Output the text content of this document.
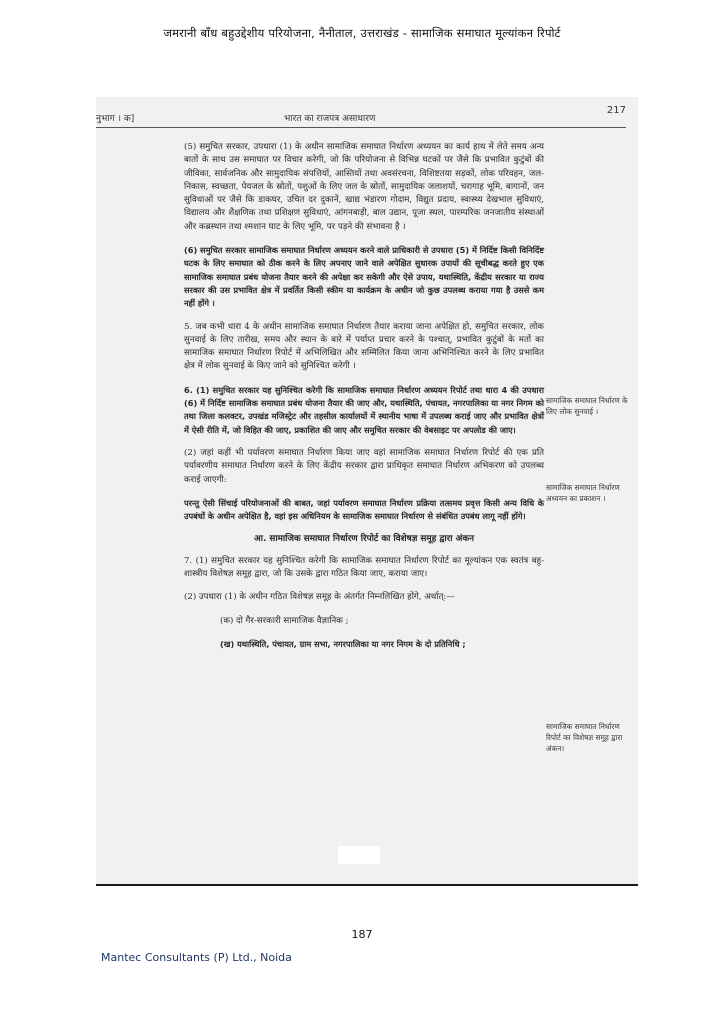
जमरानी बाँध बहुउद्देशीय परियोजना, नैनीताल, उत्तराखंड - सामाजिक समाघात मूल्यांकन रिपोर्ट
नुभाग । क]	भारत का राजपत्र असाधारण
217

(5) समुचित सरकार, उपधारा (1) के अधीन सामाजिक समाघात निर्धारण अध्ययन का कार्य हाथ में लेते समय अन्य बातों के साथ उस समाघात पर विचार करेगी, जो कि परियोजना से विभिन्न घटकों पर जैसे कि प्रभावित कुटुंबों की जीविका, सार्वजनिक और सामुदायिक संपत्तियों, आस्तियों तथा अवसंरचना, विशिष्टतया सड़कों, लोक परिवहन, जल-निकास, स्वच्छता, पेयजल के स्रोतों, पशुओं के लिए जल के स्रोतों, सामुदायिक जलाशयों, चरागाह भूमि, बागानों, जन सुविधाओं पर जैसे कि डाकघर, उचित दर दुकानें, खाद्य भंडारण गोदाम, विद्युत प्रदाय, स्वास्थ्य देखभाल सुविधाएं, विद्यालय और शैक्षणिक तथा प्रशिक्षण सुविधाएं, आंगनबाड़ी, बाल उद्यान, पूजा स्थल, पारम्परिक जनजातीय संस्थाओं और कब्रस्थान तथा श्मशान घाट के लिए भूमि, पर पड़ने की संभावना है ।

(6) समुचित सरकार सामाजिक समाघात निर्धारण अध्ययन करने वाले प्राधिकारी से उपधारा (5) में निर्दिष्ट किसी विनिर्दिष्ट घटक के लिए समाघात को ठीक करने के लिए अपनाए जाने वाले अपेक्षित सुधारक उपायों की सूचीबद्ध करते हुए एक सामाजिक समाघात प्रबंध योजना तैयार करने की अपेक्षा कर सकेगी और ऐसे उपाय, यथास्थिति, केंद्रीय सरकार या राज्य सरकार की उस प्रभावित क्षेत्र में प्रवर्तित किसी स्कीम या कार्यक्रम के अधीन जो कुछ उपलब्ध कराया गया है उससे कम नहीं होंगे ।

5. जब कभी धारा 4 के अधीन सामाजिक समाघात निर्धारण तैयार कराया जाना अपेक्षित हो, समुचित सरकार, लोक सुनवाई के लिए तारीख, समय और स्थान के बारे में पर्याप्त प्रचार करने के पश्चात्, प्रभावित कुटुंबों के मतों का सामाजिक समाघात निर्धारण रिपोर्ट में अभिलिखित और सम्मिलित किया जाना अभिनिश्चित करने के लिए प्रभावित क्षेत्र में लोक सुनवाई के किए जाने को सुनिश्चित करेगी ।

6. (1) समुचित सरकार यह सुनिश्चित करेगी कि सामाजिक समाघात निर्धारण अध्ययन रिपोर्ट तथा धारा 4 की उपधारा (6) में निर्दिष्ट सामाजिक समाघात प्रबंध योजना तैयार की जाए और, यथास्थिति, पंचायत, नगरपालिका या नगर निगम को तथा जिला कलक्टर, उपखंड मजिस्ट्रेट और तहसील कार्यालयों में स्थानीय भाषा में उपलब्ध कराई जाए और प्रभावित क्षेत्रों में ऐसी रीति में, जो विहित की जाए, प्रकाशित की जाए और समुचित सरकार की वेबसाइट पर अपलोड की जाए।

(2) जहां कहीं भी पर्यावरण समाघात निर्धारण किया जाए वहां सामाजिक समाघात निर्धारण रिपोर्ट की एक प्रति पर्यावरणीय समाघात निर्धारण करने के लिए केंद्रीय सरकार द्वारा प्राधिकृत समाघात निर्धारण अभिकरण को उपलब्ध कराई जाएगी:

परन्तु ऐसी सिंचाई परियोजनाओं की बाबत, जहां पर्यावरण समाघात निर्धारण प्रक्रिया तत्समय प्रवृत्त किसी अन्य विधि के उपबंधों के अधीन अपेक्षित है, वहां इस अधिनियम के सामाजिक समाघात निर्धारण से संबंधित उपबंध लागू नहीं होंगे।

आ. सामाजिक समाघात निर्धारण रिपोर्ट का विशेषज्ञ समूह द्वारा अंकन

7. (1) समुचित सरकार यह सुनिश्चित करेगी कि सामाजिक समाघात निर्धारण रिपोर्ट का मूल्यांकन एक स्वतंत्र बहु-शास्त्रीय विशेषज्ञ समूह द्वारा, जो कि उसके द्वारा गठित किया जाए, कराया जाए।

(2) उपधारा (1) के अधीन गठित विशेषज्ञ समूह के अंतर्गत निम्नलिखित होंगे, अर्थात्:—

(क) दो गैर-सरकारी सामाजिक वैज्ञानिक ;

(ख) यथास्थिति, पंचायत, ग्राम सभा, नगरपालिका या नगर निगम के दो प्रतिनिधि ;

सामाजिक समाघात निर्धारण के लिए लोक सुनवाई ।
सामाजिक समाघात निर्धारण अध्ययन का प्रकाशन ।
सामाजिक समाघात निर्धारण रिपोर्ट का विशेषज्ञ समूह द्वारा अंकन।
187
Mantec Consultants (P) Ltd., Noida
